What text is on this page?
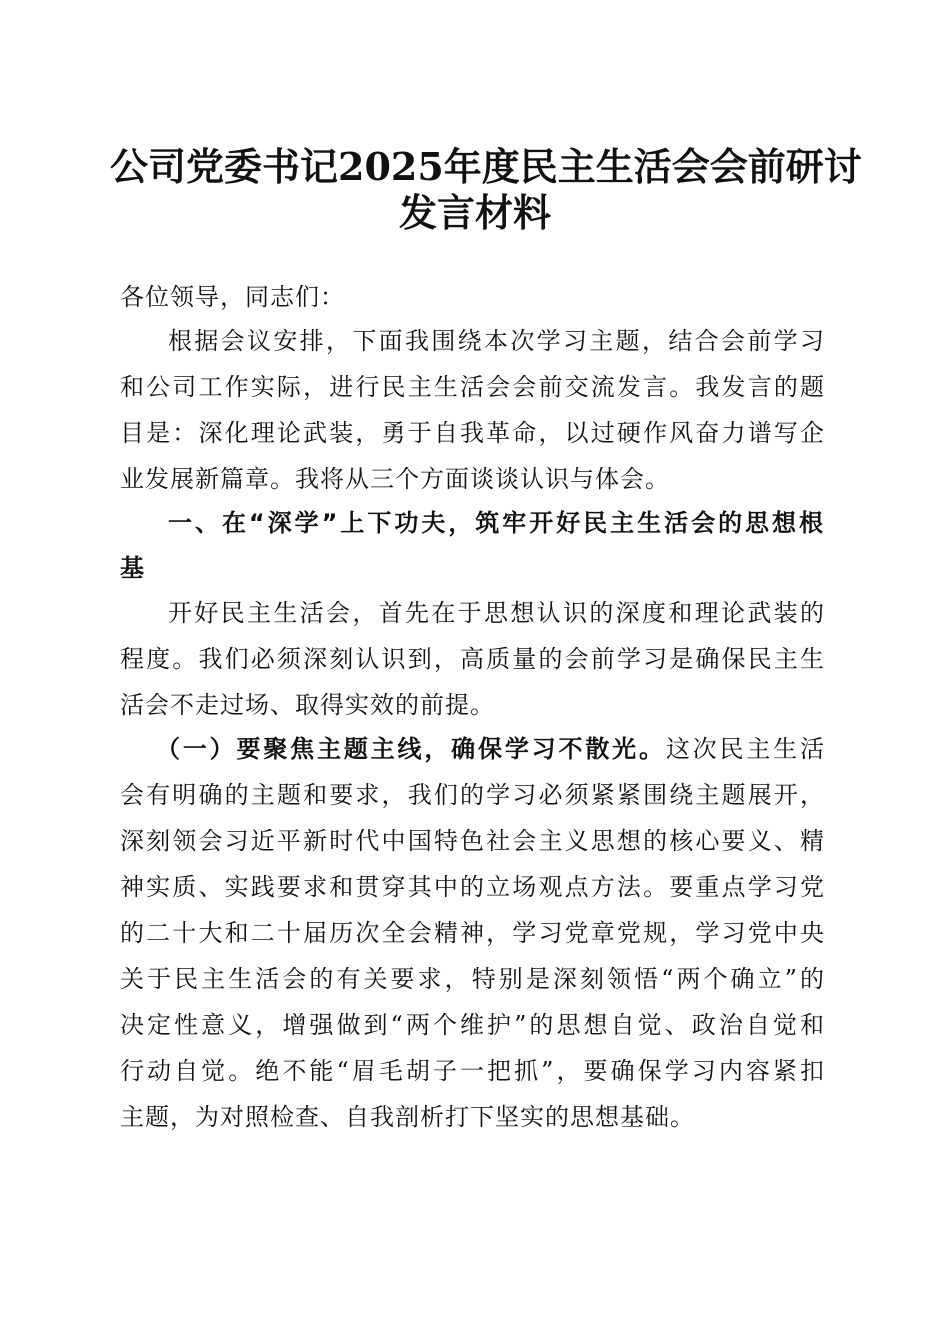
公司党委书记2025年度民主生活会会前研讨
发言材料
各位领导，同志们：
根据会议安排，下面我围绕本次学习主题，结合会前学习
和公司工作实际，进行民主生活会会前交流发言。我发言的题
目是：深化理论武装，勇于自我革命，以过硬作风奋力谱写企
业发展新篇章。我将从三个方面谈谈认识与体会。
一、在“深学”上下功夫，筑牢开好民主生活会的思想根
基
开好民主生活会，首先在于思想认识的深度和理论武装的
程度。我们必须深刻认识到，高质量的会前学习是确保民主生
活会不走过场、取得实效的前提。
（一）要聚焦主题主线，确保学习不散光。这次民主生活
会有明确的主题和要求，我们的学习必须紧紧围绕主题展开，
深刻领会习近平新时代中国特色社会主义思想的核心要义、精
神实质、实践要求和贯穿其中的立场观点方法。要重点学习党
的二十大和二十届历次全会精神，学习党章党规，学习党中央
关于民主生活会的有关要求，特别是深刻领悟“两个确立”的
决定性意义，增强做到“两个维护”的思想自觉、政治自觉和
行动自觉。绝不能“眉毛胡子一把抓”，要确保学习内容紧扣
主题，为对照检查、自我剖析打下坚实的思想基础。
